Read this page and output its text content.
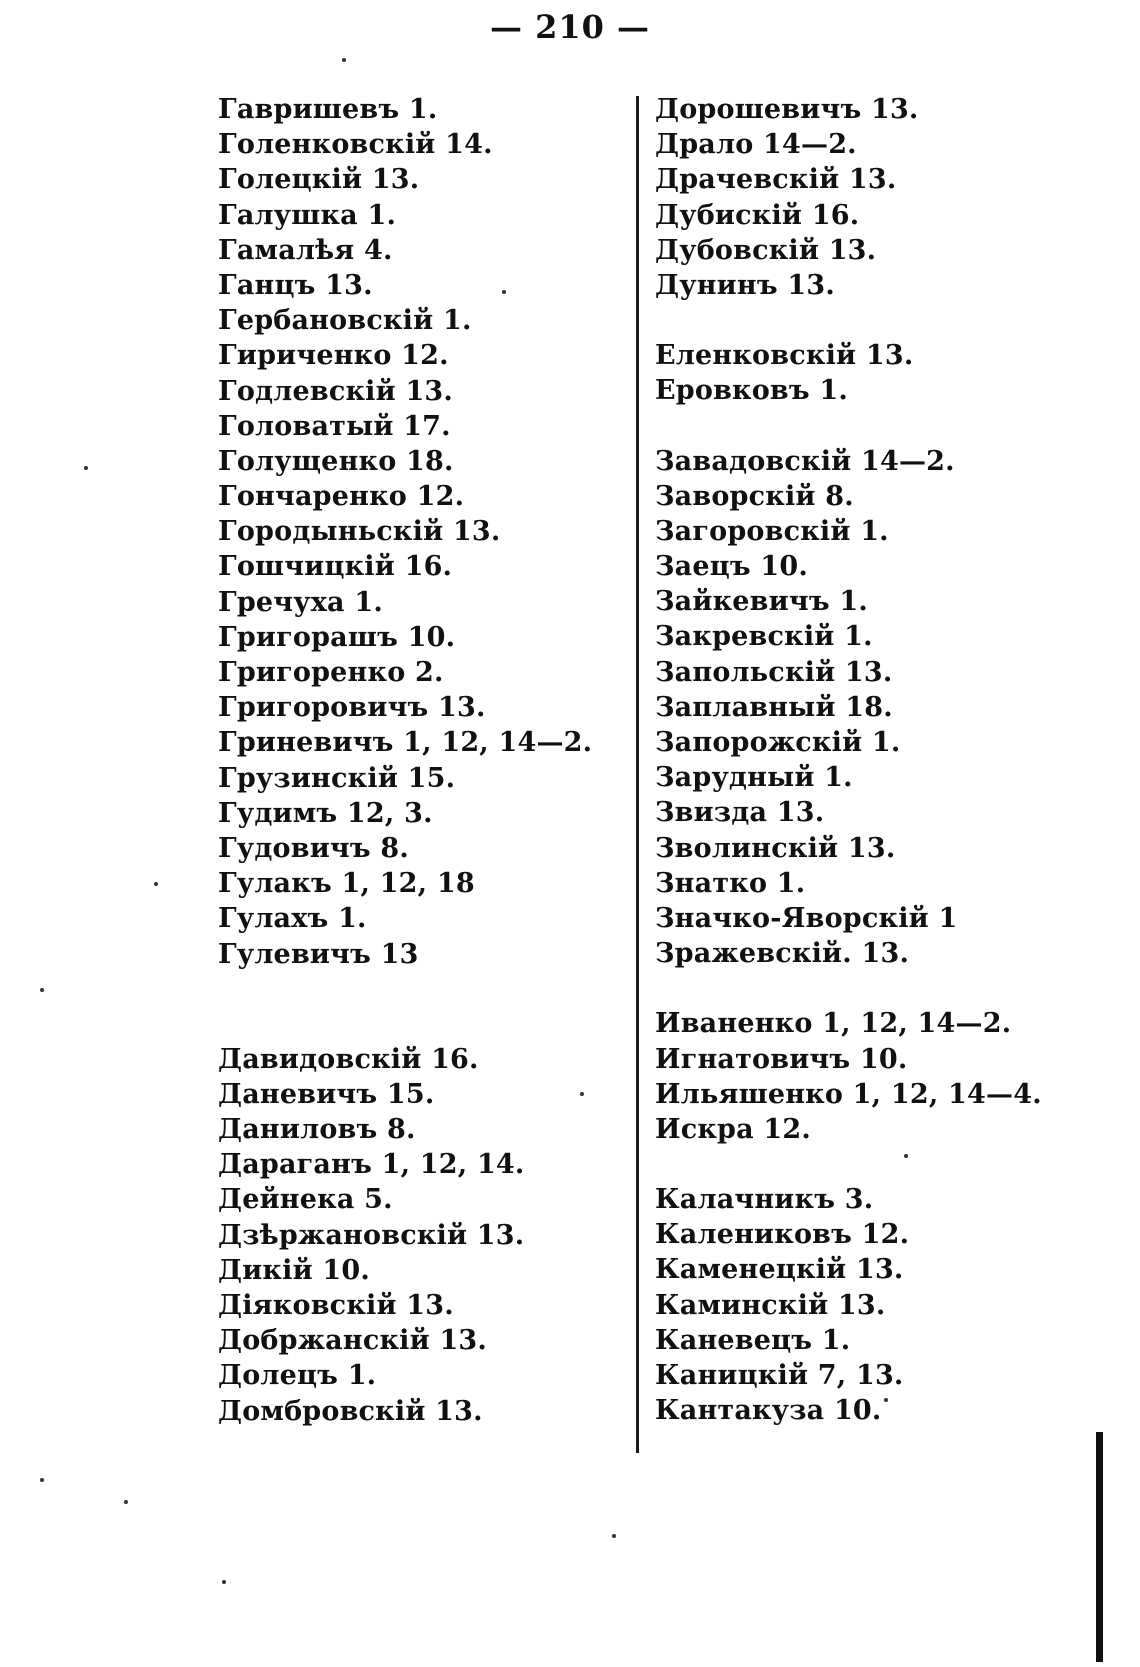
— 210 —
Гавришевъ 1.
Голенковскій 14.
Голецкій 13.
Галушка 1.
Гамалѣя 4.
Ганцъ 13.
Гербановскій 1.
Гириченко 12.
Годлевскій 13.
Головатый 17.
Голущенко 18.
Гончаренко 12.
Городыньскій 13.
Гошчицкій 16.
Гречуха 1.
Григорашъ 10.
Григоренко 2.
Григоровичъ 13.
Гриневичъ 1, 12, 14—2.
Грузинскій 15.
Гудимъ 12, 3.
Гудовичъ 8.
Гулакъ 1, 12, 18
Гулахъ 1.
Гулевичъ 13
Давидовскій 16.
Даневичъ 15.
Даниловъ 8.
Дараганъ 1, 12, 14.
Дейнека 5.
Дзѣржановскій 13.
Дикій 10.
Діяковскій 13.
Добржанскій 13.
Долецъ 1.
Домбровскій 13.
Дорошевичъ 13.
Драло 14—2.
Драчевскій 13.
Дубискій 16.
Дубовскій 13.
Дунинъ 13.
Еленковскій 13.
Еровковъ 1.
Завадовскій 14—2.
Заворскій 8.
Загоровскій 1.
Заецъ 10.
Зайкевичъ 1.
Закревскій 1.
Запольскій 13.
Заплавный 18.
Запорожскій 1.
Зарудный 1.
Звизда 13.
Зволинскій 13.
Знатко 1.
Значко-Яворскій 1
Зражевскій. 13.
Иваненко 1, 12, 14—2.
Игнатовичъ 10.
Ильяшенко 1, 12, 14—4.
Искра 12.
Калачникъ 3.
Калениковъ 12.
Каменецкій 13.
Каминскій 13.
Каневецъ 1.
Каницкій 7, 13.
Кантакуза 10.
